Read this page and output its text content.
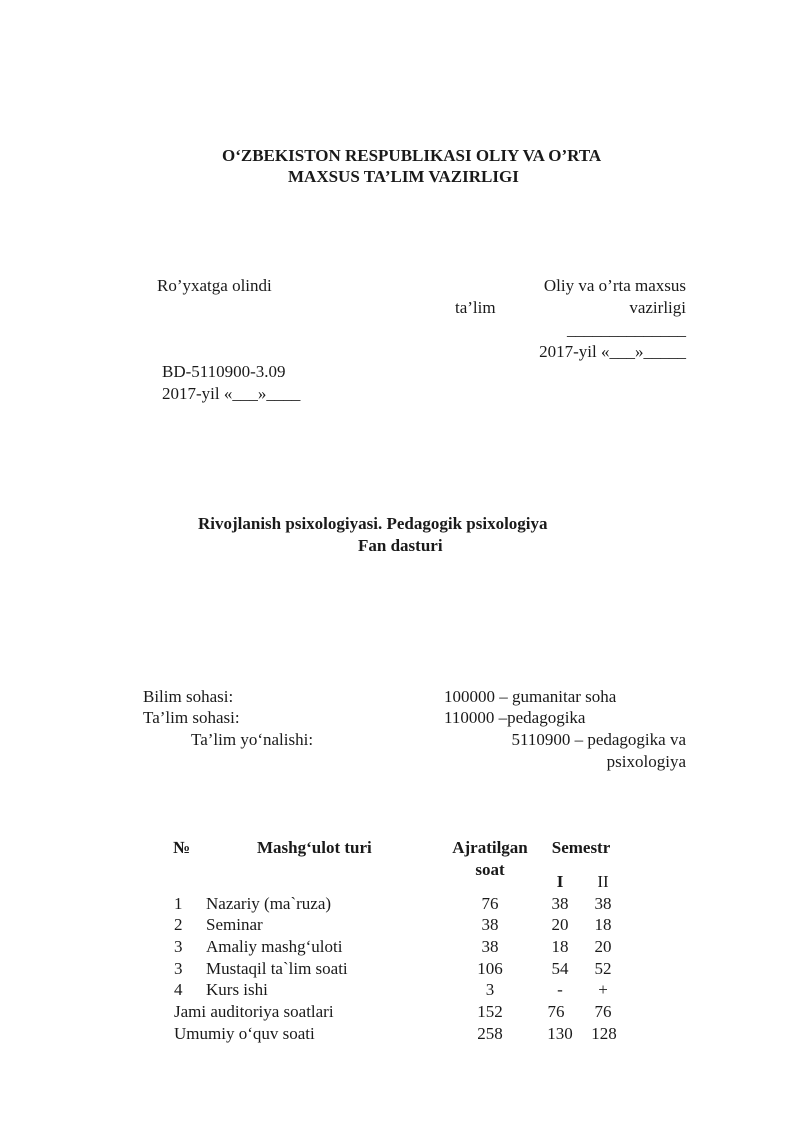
O‘ZBEKISTON RESPUBLIKASI OLIY VA O’RTA
MAXSUS TA’LIM VAZIRLIGI
Ro’yxatga olindi
BD-5110900-3.09
2017-yil «___»____
Oliy va o’rta maxsus
ta’lim	vazirligi
______________
2017-yil «___»_____
Rivojlanish psixologiyasi. Pedagogik psixologiya
Fan dasturi
Bilim sohasi:	100000 – gumanitar soha
Ta’lim sohasi:	110000 –pedagogika
Ta’lim yo‘nalishi:	5110900 – pedagogika va
psixologiya
№	Mashg‘ulot turi	Ajratilgan
soat
Semestr
I	II
1 Nazariy (ma`ruza)	76	38	38
2 Seminar	38	20	18
3 Amaliy mashg‘uloti	38	18	20
3 Mustaqil ta`lim soati	106	54	52
4 Kurs ishi	3	-	+
Jami auditoriya soatlari	152	76	76
Umumiy o‘quv soati	258	130	128
